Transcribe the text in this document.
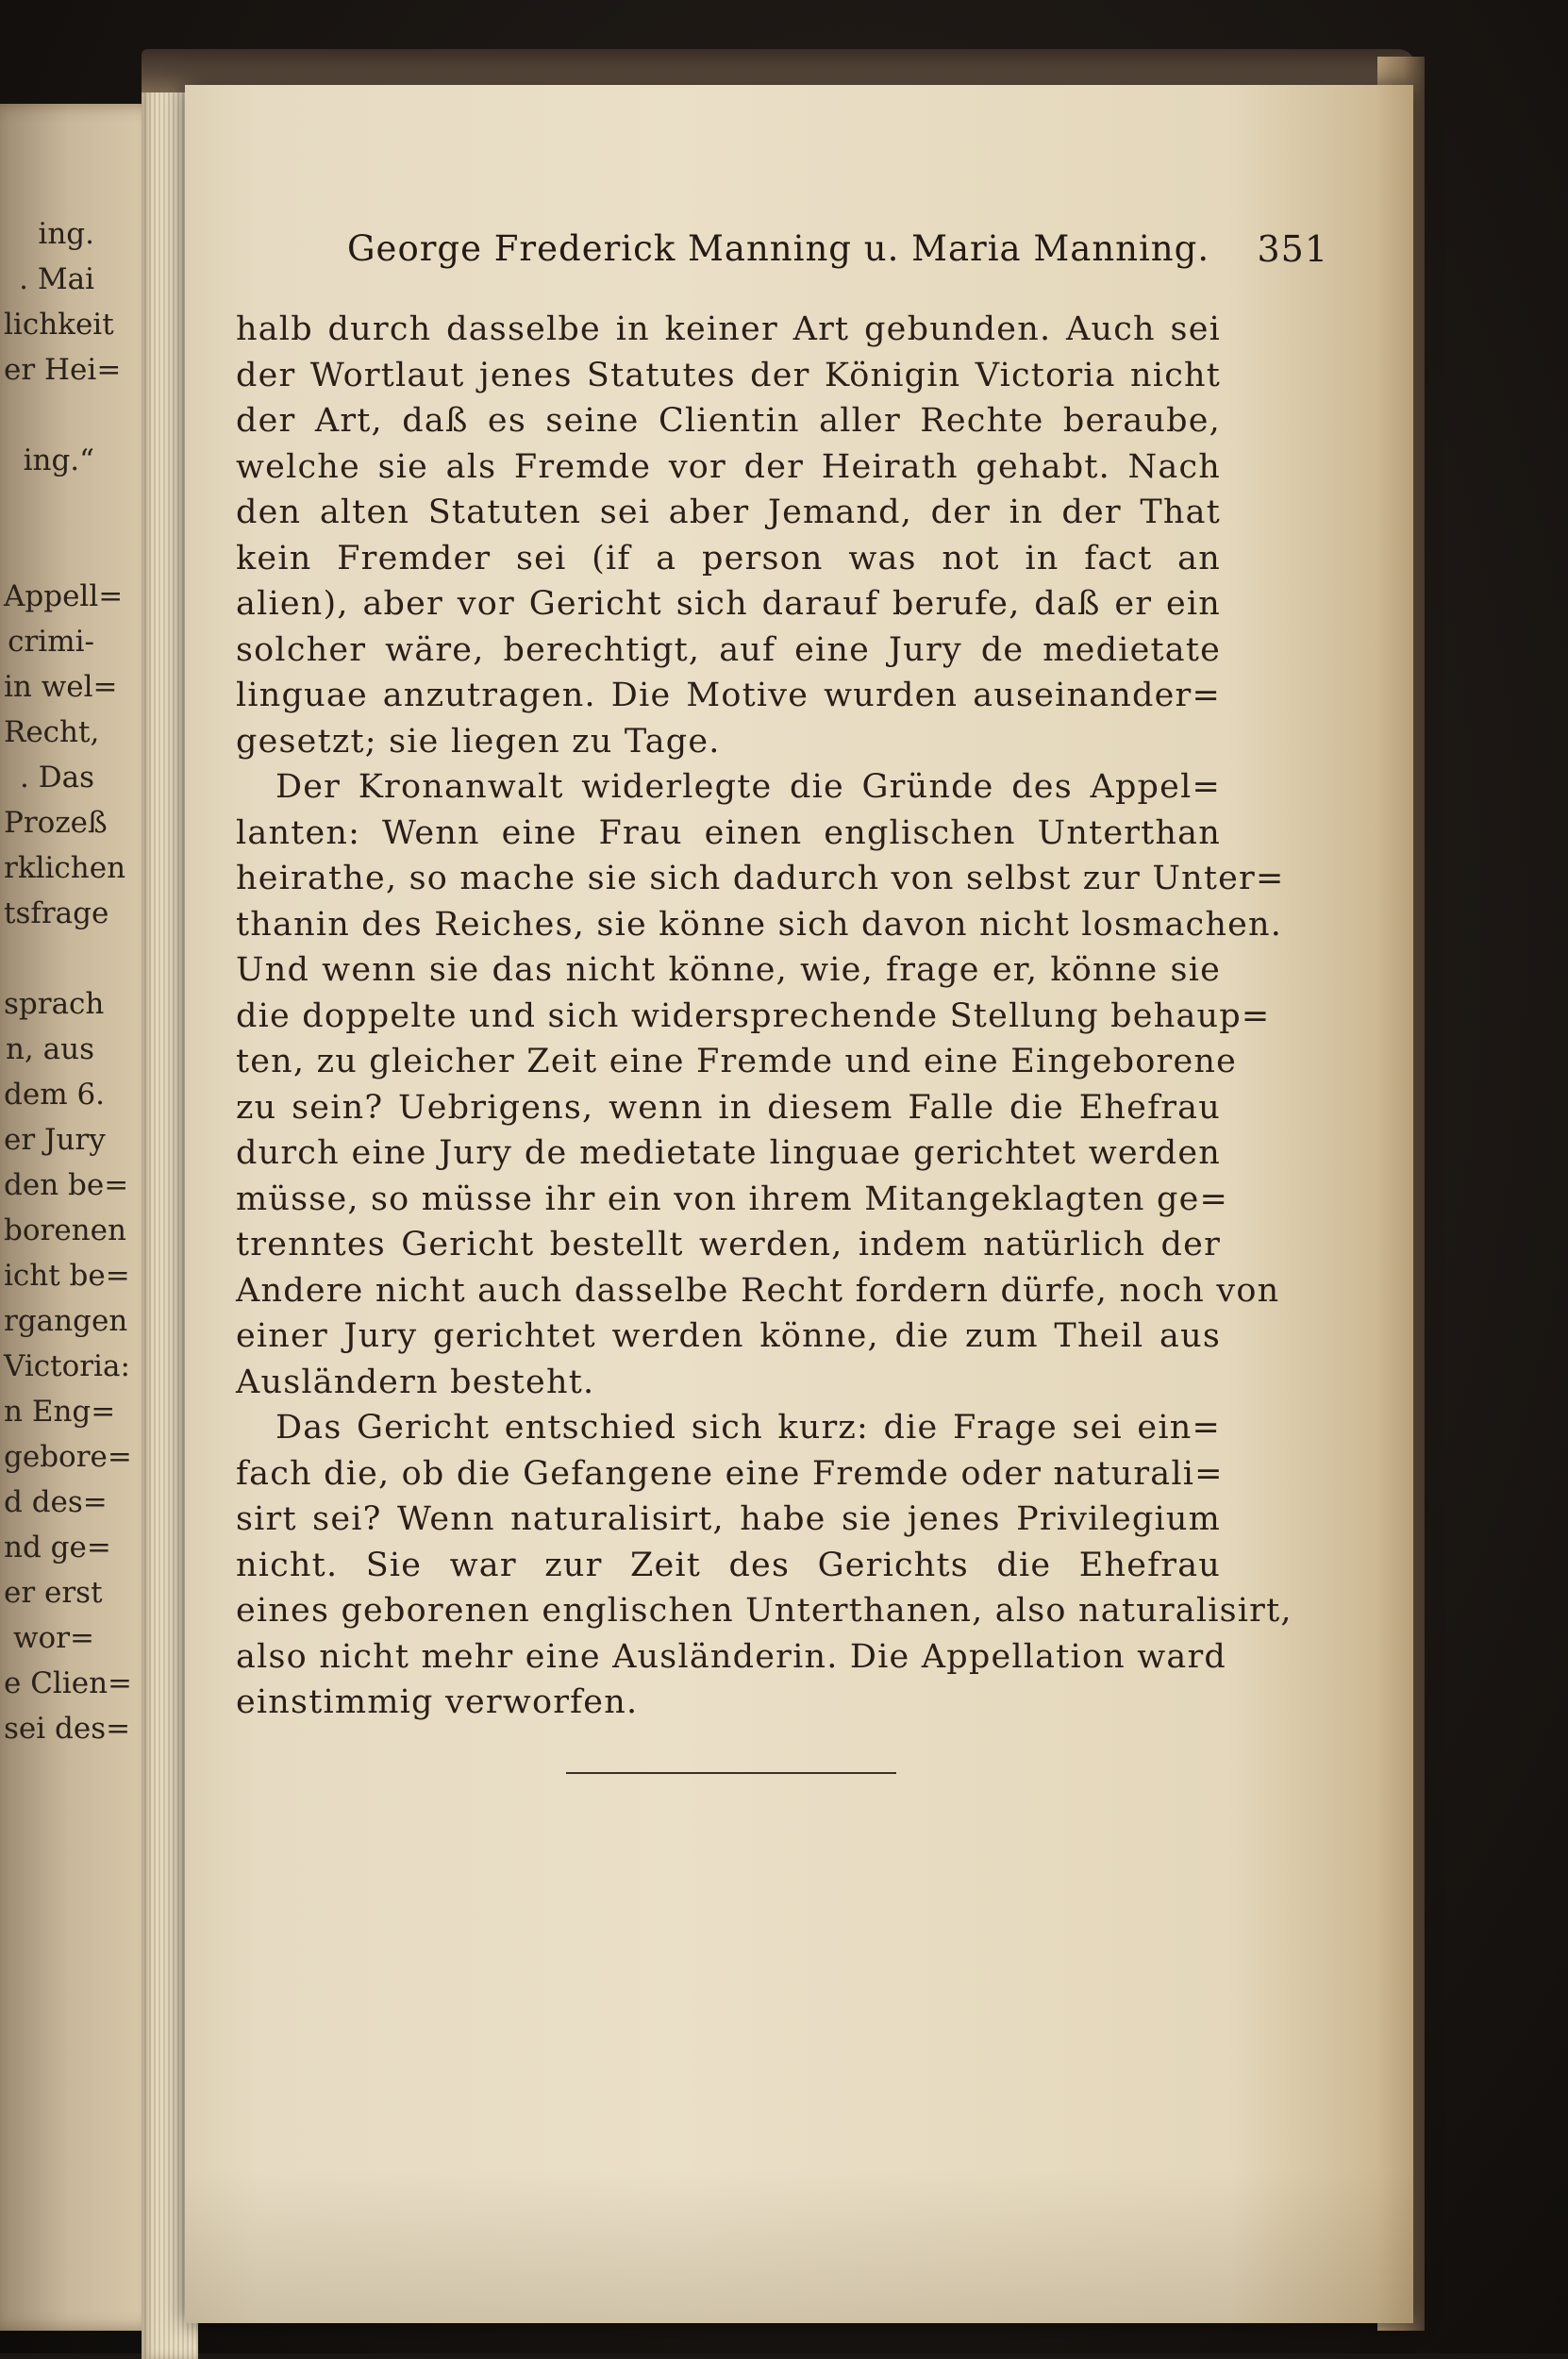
ing.
. Mai
lichkeit
er Hei=
ing.“
Appell=
crimi-
in wel=
Recht,
. Das
Prozeß
rklichen
tsfrage
sprach
n, aus
dem 6.
er Jury
den be=
borenen
icht be=
rgangen
Victoria:
n Eng=
gebore=
d des=
nd ge=
er erst
wor=
e Clien=
sei des=
George Frederick Manning u. Maria Manning. 351
halb durch dasselbe in keiner Art gebunden. Auch sei
der Wortlaut jenes Statutes der Königin Victoria nicht
der Art, daß es seine Clientin aller Rechte beraube,
welche sie als Fremde vor der Heirath gehabt. Nach
den alten Statuten sei aber Jemand, der in der That
kein Fremder sei (if a person was not in fact an
alien), aber vor Gericht sich darauf berufe, daß er ein
solcher wäre, berechtigt, auf eine Jury de medietate
linguae anzutragen. Die Motive wurden auseinander=
gesetzt; sie liegen zu Tage.
Der Kronanwalt widerlegte die Gründe des Appel=
lanten: Wenn eine Frau einen englischen Unterthan
heirathe, so mache sie sich dadurch von selbst zur Unter=
thanin des Reiches, sie könne sich davon nicht losmachen.
Und wenn sie das nicht könne, wie, frage er, könne sie
die doppelte und sich widersprechende Stellung behaup=
ten, zu gleicher Zeit eine Fremde und eine Eingeborene
zu sein? Uebrigens, wenn in diesem Falle die Ehefrau
durch eine Jury de medietate linguae gerichtet werden
müsse, so müsse ihr ein von ihrem Mitangeklagten ge=
trenntes Gericht bestellt werden, indem natürlich der
Andere nicht auch dasselbe Recht fordern dürfe, noch von
einer Jury gerichtet werden könne, die zum Theil aus
Ausländern besteht.
Das Gericht entschied sich kurz: die Frage sei ein=
fach die, ob die Gefangene eine Fremde oder naturali=
sirt sei? Wenn naturalisirt, habe sie jenes Privilegium
nicht. Sie war zur Zeit des Gerichts die Ehefrau
eines geborenen englischen Unterthanen, also naturalisirt,
also nicht mehr eine Ausländerin. Die Appellation ward
einstimmig verworfen.
